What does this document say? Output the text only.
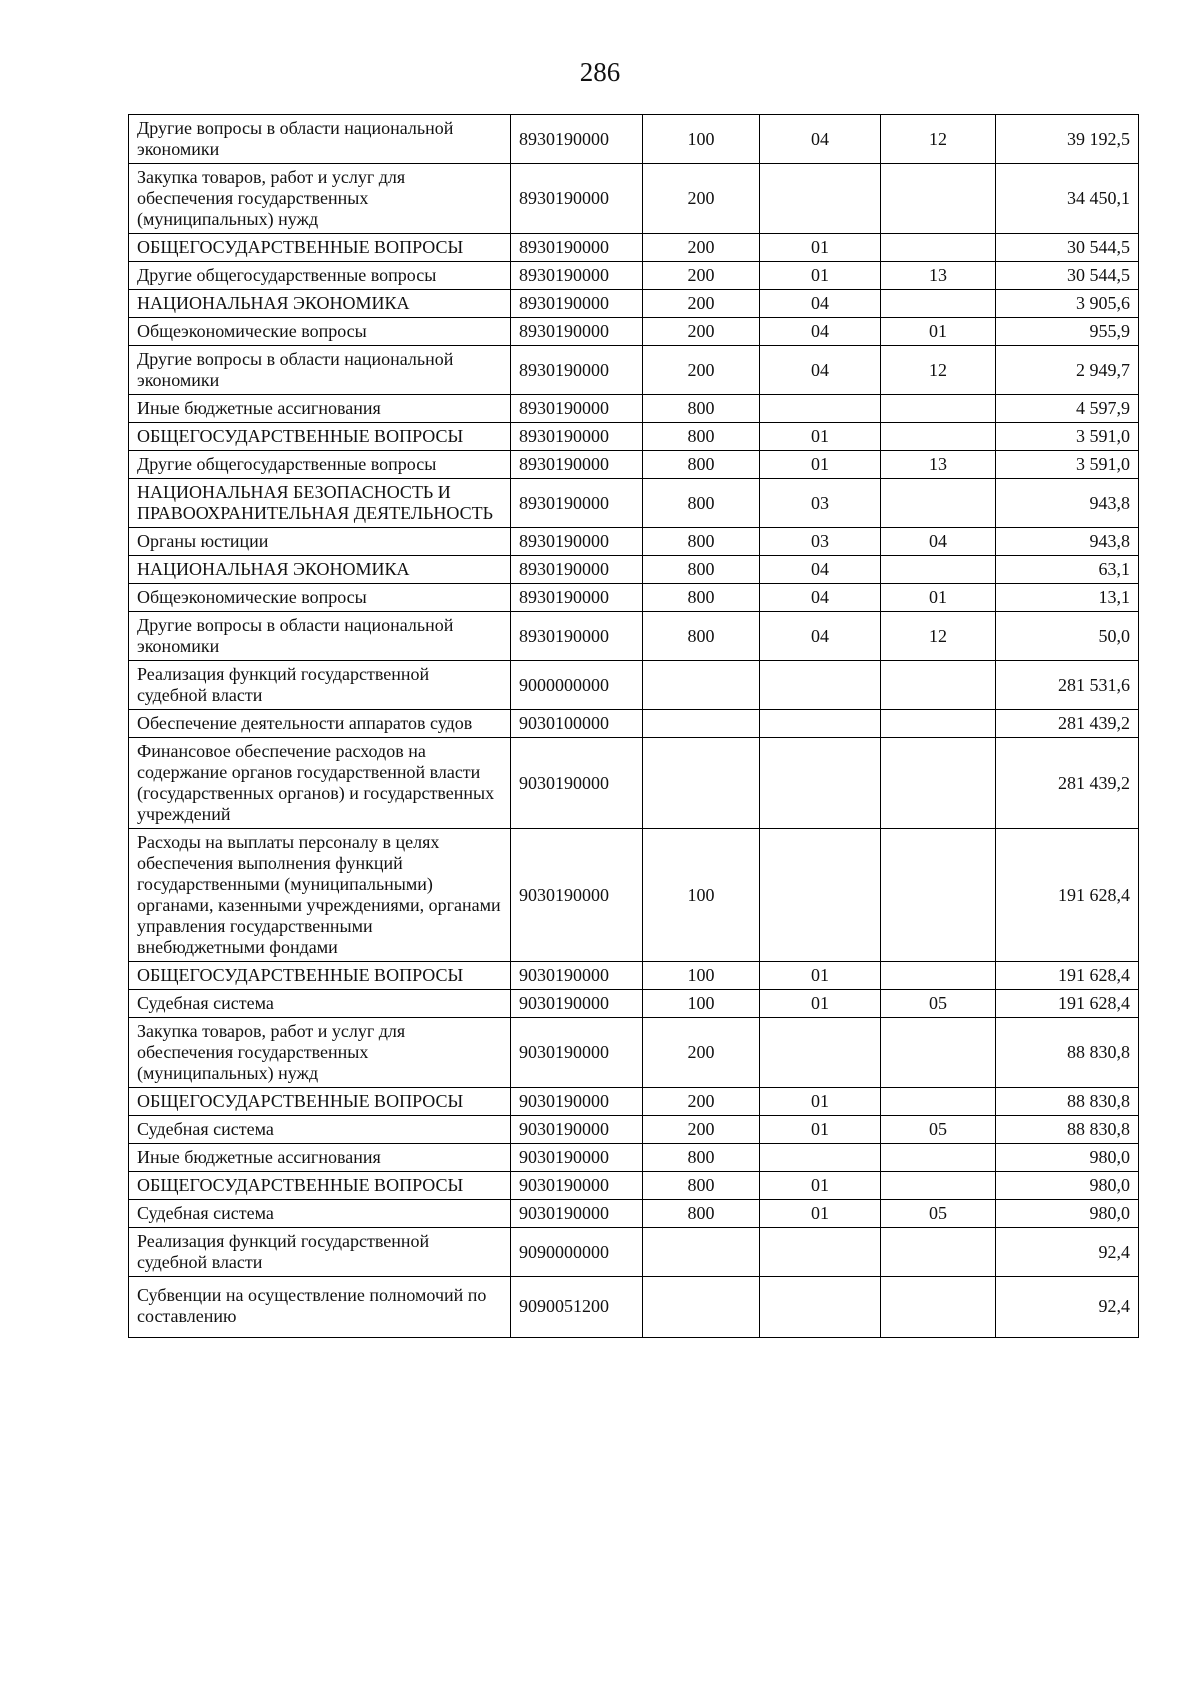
286
Другие вопросы в области национальной экономики	8930190000	100	04	12	39 192,5
Закупка товаров, работ и услуг для обеспечения государственных (муниципальных) нужд	8930190000	200			34 450,1
ОБЩЕГОСУДАРСТВЕННЫЕ ВОПРОСЫ	8930190000	200	01		30 544,5
Другие общегосударственные вопросы	8930190000	200	01	13	30 544,5
НАЦИОНАЛЬНАЯ ЭКОНОМИКА	8930190000	200	04		3 905,6
Общеэкономические вопросы	8930190000	200	04	01	955,9
Другие вопросы в области национальной экономики	8930190000	200	04	12	2 949,7
Иные бюджетные ассигнования	8930190000	800			4 597,9
ОБЩЕГОСУДАРСТВЕННЫЕ ВОПРОСЫ	8930190000	800	01		3 591,0
Другие общегосударственные вопросы	8930190000	800	01	13	3 591,0
НАЦИОНАЛЬНАЯ БЕЗОПАСНОСТЬ И ПРАВООХРАНИТЕЛЬНАЯ ДЕЯТЕЛЬНОСТЬ	8930190000	800	03		943,8
Органы юстиции	8930190000	800	03	04	943,8
НАЦИОНАЛЬНАЯ ЭКОНОМИКА	8930190000	800	04		63,1
Общеэкономические вопросы	8930190000	800	04	01	13,1
Другие вопросы в области национальной экономики	8930190000	800	04	12	50,0
Реализация функций государственной судебной власти	9000000000				281 531,6
Обеспечение деятельности аппаратов судов	9030100000				281 439,2
Финансовое обеспечение расходов на содержание органов государственной власти (государственных органов) и государственных учреждений	9030190000				281 439,2
Расходы на выплаты персоналу в целях обеспечения выполнения функций государственными (муниципальными) органами, казенными учреждениями, органами управления государственными внебюджетными фондами	9030190000	100			191 628,4
ОБЩЕГОСУДАРСТВЕННЫЕ ВОПРОСЫ	9030190000	100	01		191 628,4
Судебная система	9030190000	100	01	05	191 628,4
Закупка товаров, работ и услуг для обеспечения государственных (муниципальных) нужд	9030190000	200			88 830,8
ОБЩЕГОСУДАРСТВЕННЫЕ ВОПРОСЫ	9030190000	200	01		88 830,8
Судебная система	9030190000	200	01	05	88 830,8
Иные бюджетные ассигнования	9030190000	800			980,0
ОБЩЕГОСУДАРСТВЕННЫЕ ВОПРОСЫ	9030190000	800	01		980,0
Судебная система	9030190000	800	01	05	980,0
Реализация функций государственной судебной власти	9090000000				92,4
Субвенции на осуществление полномочий по составлению	9090051200				92,4
